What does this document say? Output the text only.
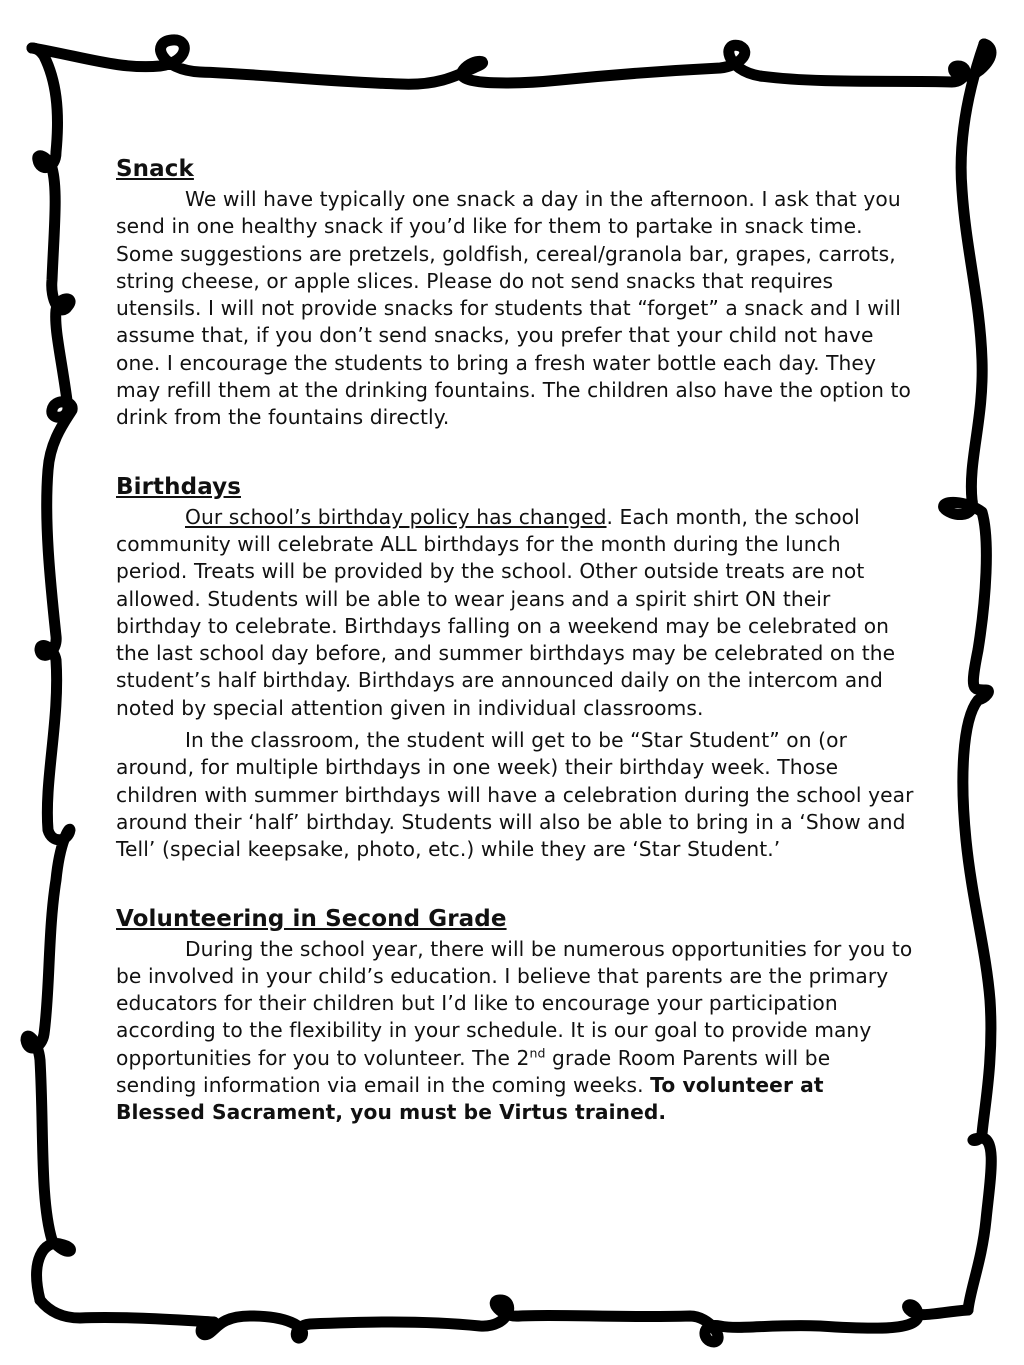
Snack

We will have typically one snack a day in the afternoon. I ask that you send in one healthy snack if you’d like for them to partake in snack time. Some suggestions are pretzels, goldfish, cereal/granola bar, grapes, carrots, string cheese, or apple slices. Please do not send snacks that requires utensils. I will not provide snacks for students that “forget” a snack and I will assume that, if you don’t send snacks, you prefer that your child not have one. I encourage the students to bring a fresh water bottle each day. They may refill them at the drinking fountains. The children also have the option to drink from the fountains directly.

Birthdays

Our school’s birthday policy has changed. Each month, the school community will celebrate ALL birthdays for the month during the lunch period. Treats will be provided by the school. Other outside treats are not allowed. Students will be able to wear jeans and a spirit shirt ON their birthday to celebrate. Birthdays falling on a weekend may be celebrated on the last school day before, and summer birthdays may be celebrated on the student’s half birthday. Birthdays are announced daily on the intercom and noted by special attention given in individual classrooms.

In the classroom, the student will get to be “Star Student” on (or around, for multiple birthdays in one week) their birthday week. Those children with summer birthdays will have a celebration during the school year around their ‘half’ birthday. Students will also be able to bring in a ‘Show and Tell’ (special keepsake, photo, etc.) while they are ‘Star Student.’

Volunteering in Second Grade

During the school year, there will be numerous opportunities for you to be involved in your child’s education. I believe that parents are the primary educators for their children but I’d like to encourage your participation according to the flexibility in your schedule. It is our goal to provide many opportunities for you to volunteer. The 2nd grade Room Parents will be sending information via email in the coming weeks. To volunteer at Blessed Sacrament, you must be Virtus trained.
